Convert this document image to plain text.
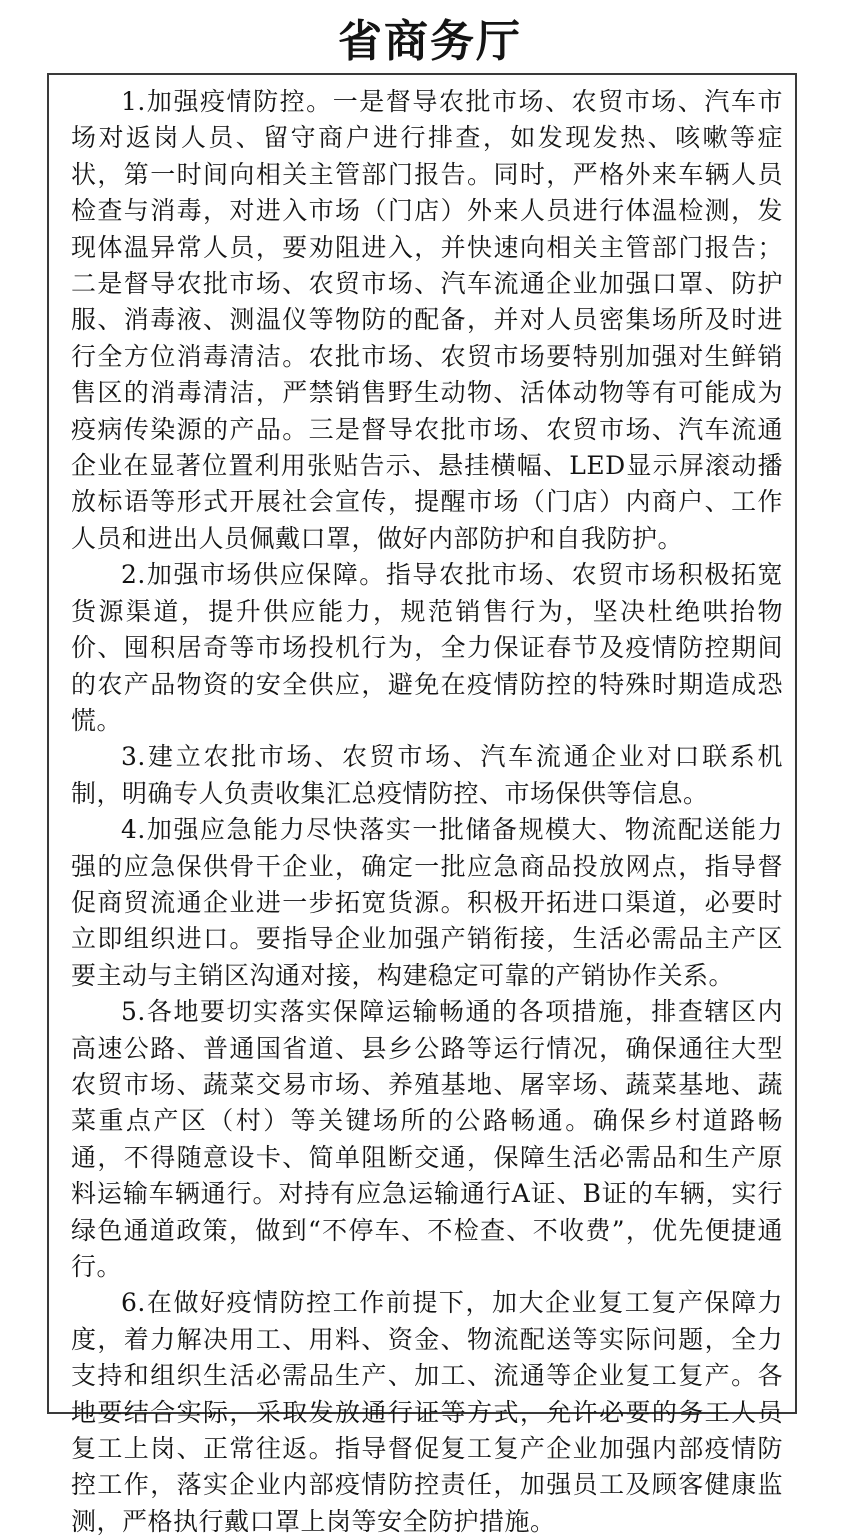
省商务厅

1.加强疫情防控。一是督导农批市场、农贸市场、汽车市场对返岗人员、留守商户进行排查，如发现发热、咳嗽等症状，第一时间向相关主管部门报告。同时，严格外来车辆人员检查与消毒，对进入市场（门店）外来人员进行体温检测，发现体温异常人员，要劝阻进入，并快速向相关主管部门报告；二是督导农批市场、农贸市场、汽车流通企业加强口罩、防护服、消毒液、测温仪等物防的配备，并对人员密集场所及时进行全方位消毒清洁。农批市场、农贸市场要特别加强对生鲜销售区的消毒清洁，严禁销售野生动物、活体动物等有可能成为疫病传染源的产品。三是督导农批市场、农贸市场、汽车流通企业在显著位置利用张贴告示、悬挂横幅、LED显示屏滚动播放标语等形式开展社会宣传，提醒市场（门店）内商户、工作人员和进出人员佩戴口罩，做好内部防护和自我防护。

2.加强市场供应保障。指导农批市场、农贸市场积极拓宽货源渠道，提升供应能力，规范销售行为，坚决杜绝哄抬物价、囤积居奇等市场投机行为，全力保证春节及疫情防控期间的农产品物资的安全供应，避免在疫情防控的特殊时期造成恐慌。

3.建立农批市场、农贸市场、汽车流通企业对口联系机制，明确专人负责收集汇总疫情防控、市场保供等信息。

4.加强应急能力尽快落实一批储备规模大、物流配送能力强的应急保供骨干企业，确定一批应急商品投放网点，指导督促商贸流通企业进一步拓宽货源。积极开拓进口渠道，必要时立即组织进口。要指导企业加强产销衔接，生活必需品主产区要主动与主销区沟通对接，构建稳定可靠的产销协作关系。

5.各地要切实落实保障运输畅通的各项措施，排查辖区内高速公路、普通国省道、县乡公路等运行情况，确保通往大型农贸市场、蔬菜交易市场、养殖基地、屠宰场、蔬菜基地、蔬菜重点产区（村）等关键场所的公路畅通。确保乡村道路畅通，不得随意设卡、简单阻断交通，保障生活必需品和生产原料运输车辆通行。对持有应急运输通行A证、B证的车辆，实行绿色通道政策，做到“不停车、不检查、不收费”，优先便捷通行。

6.在做好疫情防控工作前提下，加大企业复工复产保障力度，着力解决用工、用料、资金、物流配送等实际问题，全力支持和组织生活必需品生产、加工、流通等企业复工复产。各地要结合实际，采取发放通行证等方式，允许必要的务工人员复工上岗、正常往返。指导督促复工复产企业加强内部疫情防控工作，落实企业内部疫情防控责任，加强员工及顾客健康监测，严格执行戴口罩上岗等安全防护措施。
